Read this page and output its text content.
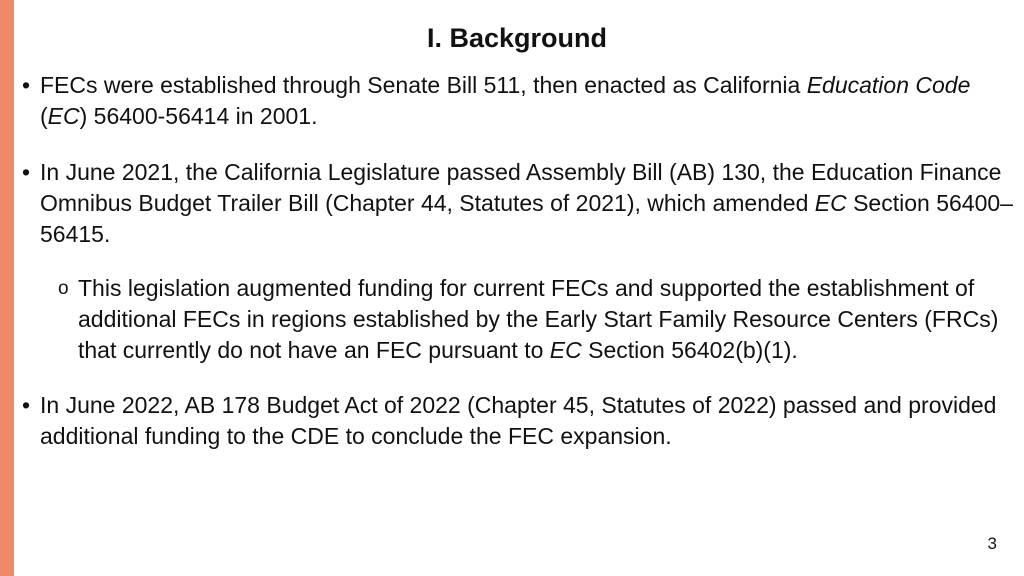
I. Background
• FECs were established through Senate Bill 511, then enacted as California Education Code (EC) 56400-56414 in 2001.
• In June 2021, the California Legislature passed Assembly Bill (AB) 130, the Education Finance Omnibus Budget Trailer Bill (Chapter 44, Statutes of 2021), which amended EC Section 56400–56415.
o This legislation augmented funding for current FECs and supported the establishment of additional FECs in regions established by the Early Start Family Resource Centers (FRCs) that currently do not have an FEC pursuant to EC Section 56402(b)(1).
• In June 2022, AB 178 Budget Act of 2022 (Chapter 45, Statutes of 2022) passed and provided additional funding to the CDE to conclude the FEC expansion.
3
